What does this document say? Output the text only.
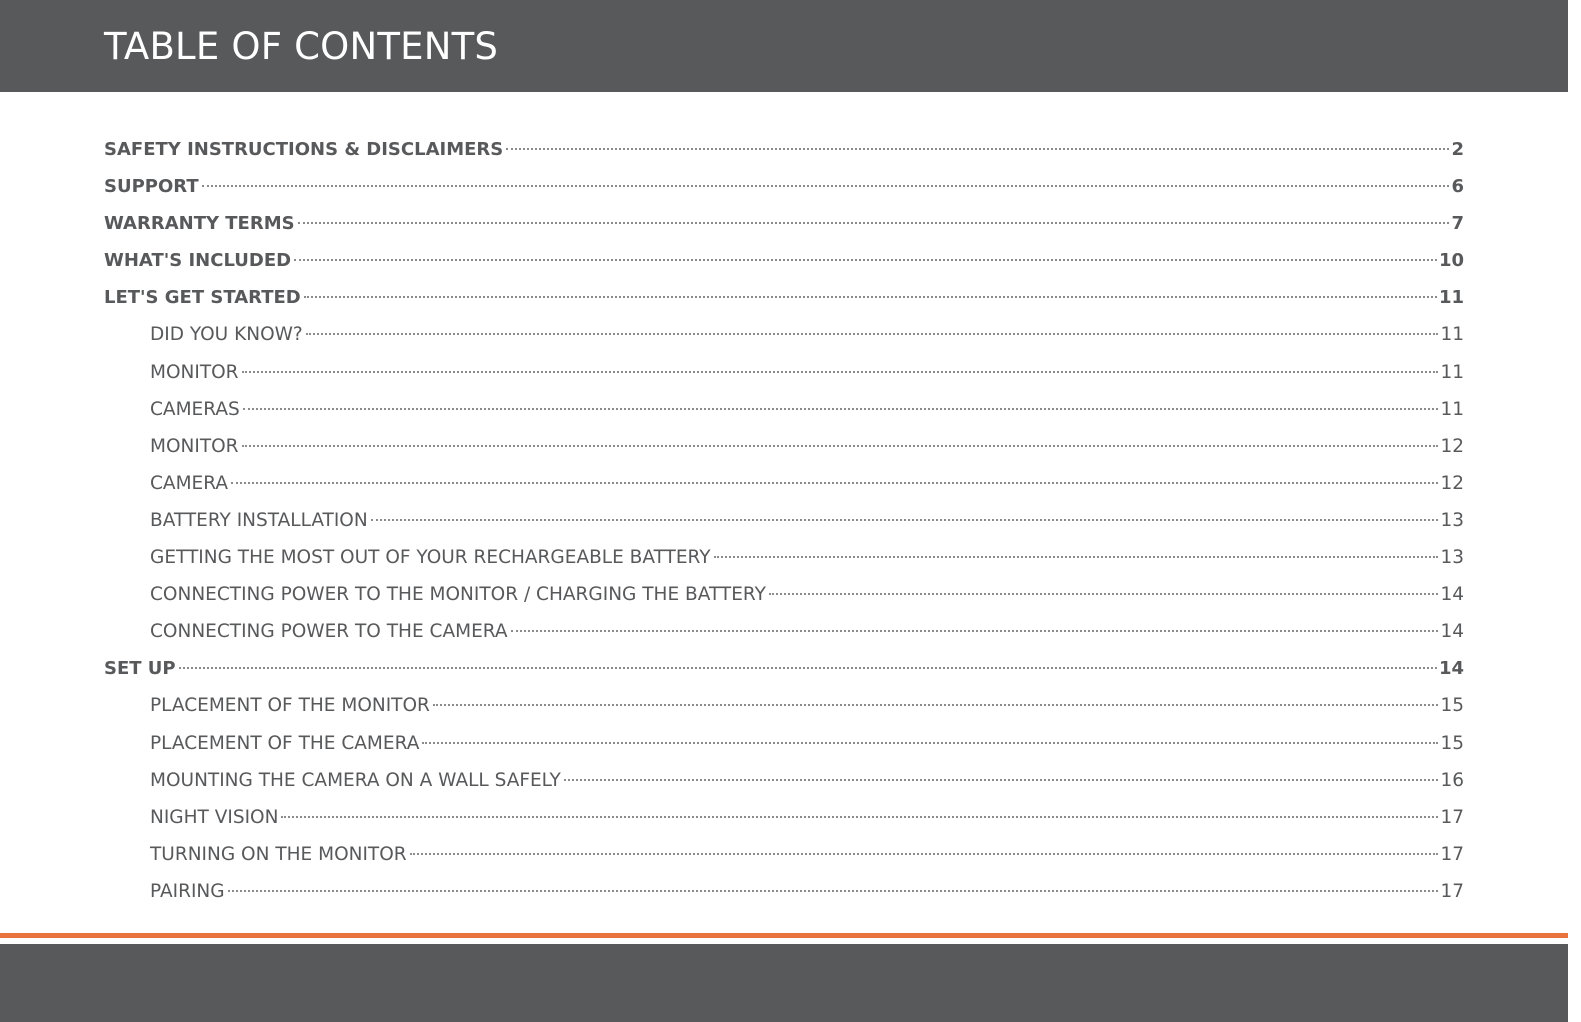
TABLE OF CONTENTS
SAFETY INSTRUCTIONS & DISCLAIMERS	2
SUPPORT	6
WARRANTY TERMS	7
WHAT'S INCLUDED	10
LET'S GET STARTED	11
DID YOU KNOW?	11
MONITOR	11
CAMERAS	11
MONITOR	12
CAMERA	12
BATTERY INSTALLATION	13
GETTING THE MOST OUT OF YOUR RECHARGEABLE BATTERY	13
CONNECTING POWER TO THE MONITOR / CHARGING THE BATTERY	14
CONNECTING POWER TO THE CAMERA	14
SET UP	14
PLACEMENT OF THE MONITOR	15
PLACEMENT OF THE CAMERA	15
MOUNTING THE CAMERA ON A WALL SAFELY	16
NIGHT VISION	17
TURNING ON THE MONITOR	17
PAIRING	17
